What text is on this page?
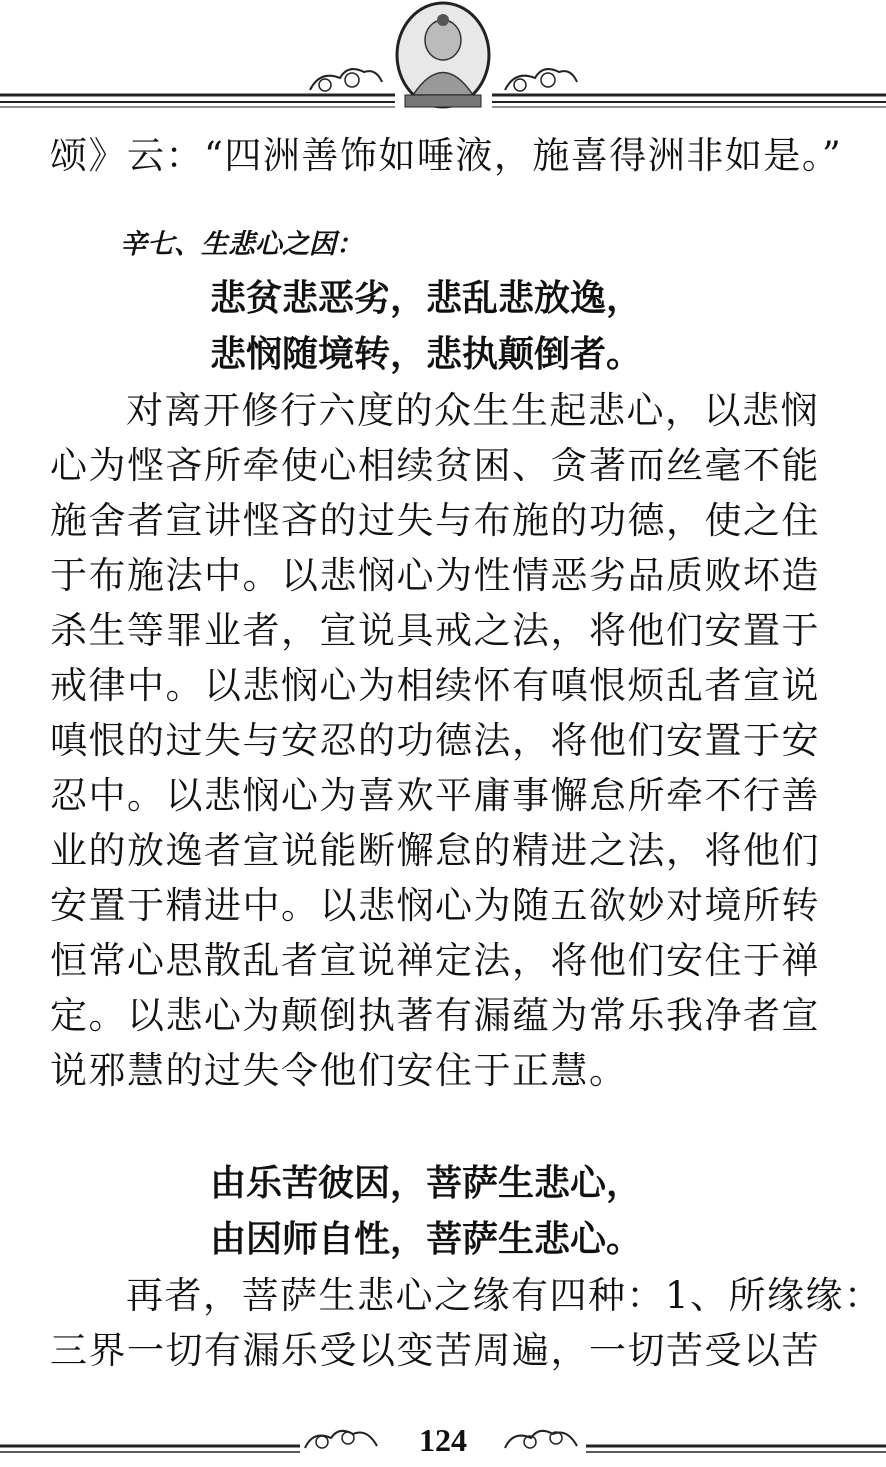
颂》云：“四洲善饰如唾液，施喜得洲非如是。”
辛七、生悲心之因：
悲贫悲恶劣，悲乱悲放逸，
悲悯随境转，悲执颠倒者。
对离开修行六度的众生生起悲心，以悲悯
心为悭吝所牵使心相续贫困、贪著而丝毫不能
施舍者宣讲悭吝的过失与布施的功德，使之住
于布施法中。以悲悯心为性情恶劣品质败坏造
杀生等罪业者，宣说具戒之法，将他们安置于
戒律中。以悲悯心为相续怀有嗔恨烦乱者宣说
嗔恨的过失与安忍的功德法，将他们安置于安
忍中。以悲悯心为喜欢平庸事懈怠所牵不行善
业的放逸者宣说能断懈怠的精进之法，将他们
安置于精进中。以悲悯心为随五欲妙对境所转
恒常心思散乱者宣说禅定法，将他们安住于禅
定。以悲心为颠倒执著有漏蕴为常乐我净者宣
说邪慧的过失令他们安住于正慧。
由乐苦彼因，菩萨生悲心，
由因师自性，菩萨生悲心。
再者，菩萨生悲心之缘有四种：1、所缘缘：
三界一切有漏乐受以变苦周遍，一切苦受以苦
124
